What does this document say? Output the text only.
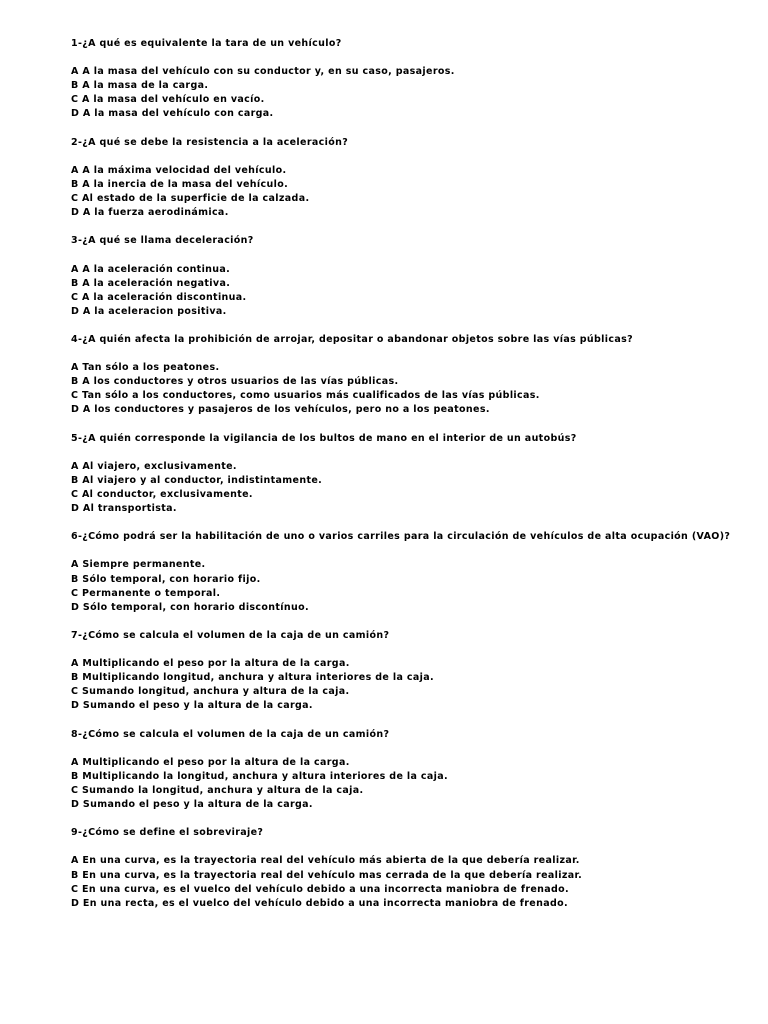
1-¿A qué es equivalente la tara de un vehículo?
A A la masa del vehículo con su conductor y, en su caso, pasajeros.
B A la masa de la carga.
C A la masa del vehículo en vacío.
D A la masa del vehículo con carga.
2-¿A qué se debe la resistencia a la aceleración?
A A la máxima velocidad del vehículo.
B A la inercia de la masa del vehículo.
C Al estado de la superficie de la calzada.
D A la fuerza aerodinámica.
3-¿A qué se llama deceleración?
A A la aceleración continua.
B A la aceleración negativa.
C A la aceleración discontinua.
D A la aceleracion positiva.
4-¿A quién afecta la prohibición de arrojar, depositar o abandonar objetos sobre las vías públicas?
A Tan sólo a los peatones.
B A los conductores y otros usuarios de las vías públicas.
C Tan sólo a los conductores, como usuarios más cualificados de las vías públicas.
D A los conductores y pasajeros de los vehículos, pero no a los peatones.
5-¿A quién corresponde la vigilancia de los bultos de mano en el interior de un autobús?
A Al viajero, exclusivamente.
B Al viajero y al conductor, indistintamente.
C Al conductor, exclusivamente.
D Al transportista.
6-¿Cómo podrá ser la habilitación de uno o varios carriles para la circulación de vehículos de alta ocupación (VAO)?
A Siempre permanente.
B Sólo temporal, con horario fijo.
C Permanente o temporal.
D Sólo temporal, con horario discontínuo.
7-¿Cómo se calcula el volumen de la caja de un camión?
A Multiplicando el peso por la altura de la carga.
B Multiplicando longitud, anchura y altura interiores de la caja.
C Sumando longitud, anchura y altura de la caja.
D Sumando el peso y la altura de la carga.
8-¿Cómo se calcula el volumen de la caja de un camión?
A Multiplicando el peso por la altura de la carga.
B Multiplicando la longitud, anchura y altura interiores de la caja.
C Sumando la longitud, anchura y altura de la caja.
D Sumando el peso y la altura de la carga.
9-¿Cómo se define el sobreviraje?
A En una curva, es la trayectoria real del vehículo más abierta de la que debería realizar.
B En una curva, es la trayectoria real del vehículo mas cerrada de la que debería realizar.
C En una curva, es el vuelco del vehículo debido a una incorrecta maniobra de frenado.
D En una recta, es el vuelco del vehículo debido a una incorrecta maniobra de frenado.
